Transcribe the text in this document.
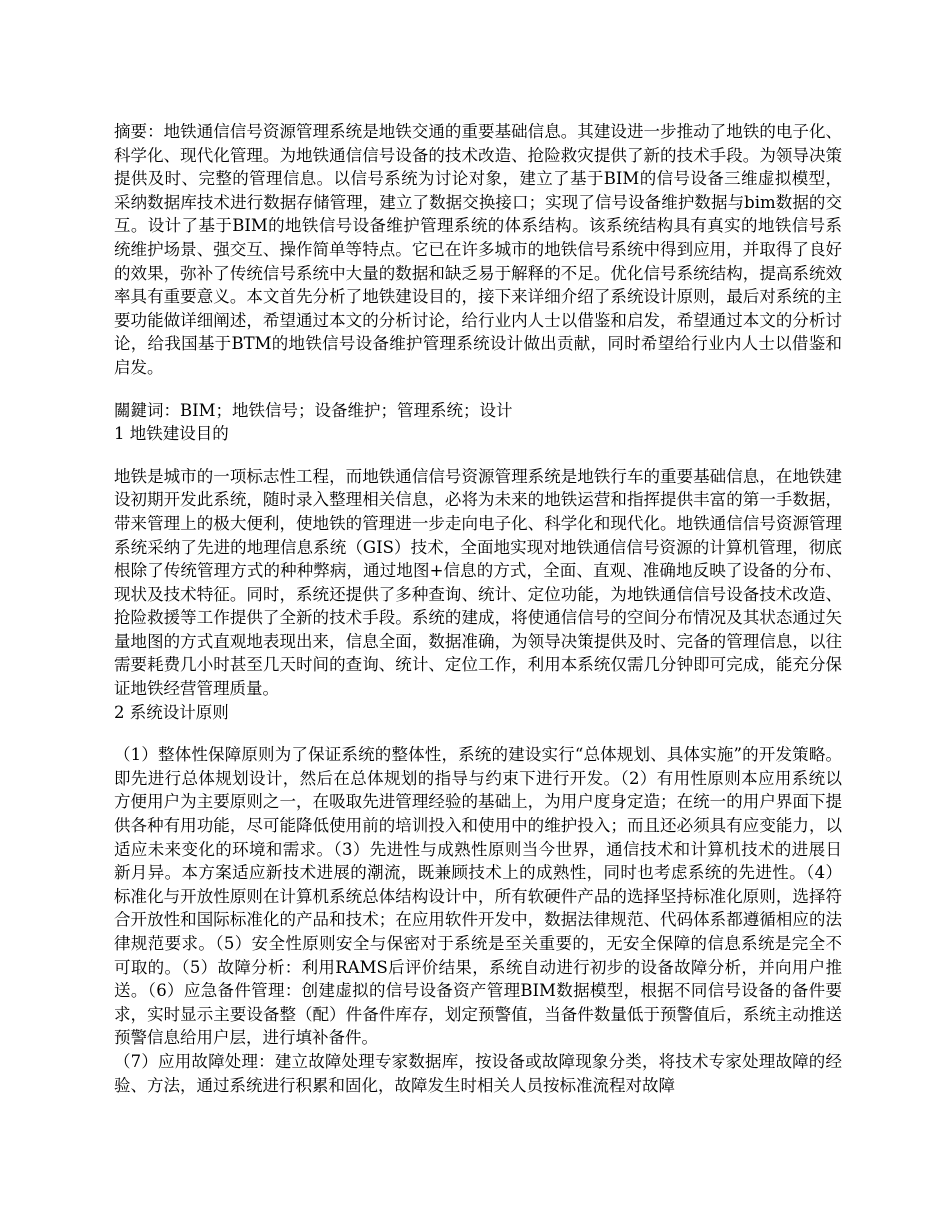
摘要：地铁通信信号资源管理系统是地铁交通的重要基础信息。其建设进一步推动了地铁的电子化、科学化、现代化管理。为地铁通信信号设备的技术改造、抢险救灾提供了新的技术手段。为领导决策提供及时、完整的管理信息。以信号系统为讨论对象，建立了基于BIM的信号设备三维虚拟模型，采纳数据库技术进行数据存储管理，建立了数据交换接口；实现了信号设备维护数据与bim数据的交互。设计了基于BIM的地铁信号设备维护管理系统的体系结构。该系统结构具有真实的地铁信号系统维护场景、强交互、操作简单等特点。它已在许多城市的地铁信号系统中得到应用，并取得了良好的效果，弥补了传统信号系统中大量的数据和缺乏易于解释的不足。优化信号系统结构，提高系统效率具有重要意义。本文首先分析了地铁建设目的，接下来详细介绍了系统设计原则，最后对系统的主要功能做详细阐述，希望通过本文的分析讨论，给行业内人士以借鉴和启发，希望通过本文的分析讨论，给我国基于BTM的地铁信号设备维护管理系统设计做出贡献，同时希望给行业内人士以借鉴和启发。

關鍵词：BIM；地铁信号；设备维护；管理系统；设计

1 地铁建设目的

地铁是城市的一项标志性工程，而地铁通信信号资源管理系统是地铁行车的重要基础信息，在地铁建设初期开发此系统，随时录入整理相关信息，必将为未来的地铁运营和指挥提供丰富的第一手数据，带来管理上的极大便利，使地铁的管理进一步走向电子化、科学化和现代化。地铁通信信号资源管理系统采纳了先进的地理信息系统（GIS）技术，全面地实现对地铁通信信号资源的计算机管理，彻底根除了传统管理方式的种种弊病，通过地图+信息的方式，全面、直观、准确地反映了设备的分布、现状及技术特征。同时，系统还提供了多种查询、统计、定位功能，为地铁通信信号设备技术改造、抢险救援等工作提供了全新的技术手段。系统的建成，将使通信信号的空间分布情况及其状态通过矢量地图的方式直观地表现出来，信息全面，数据准确，为领导决策提供及时、完备的管理信息，以往需要耗费几小时甚至几天时间的查询、统计、定位工作，利用本系统仅需几分钟即可完成，能充分保证地铁经营管理质量。

2 系统设计原则

（1）整体性保障原则为了保证系统的整体性，系统的建设实行“总体规划、具体实施”的开发策略。即先进行总体规划设计，然后在总体规划的指导与约束下进行开发。（2）有用性原则本应用系统以方便用户为主要原则之一，在吸取先进管理经验的基础上，为用户度身定造；在统一的用户界面下提供各种有用功能，尽可能降低使用前的培训投入和使用中的维护投入；而且还必须具有应变能力，以适应未来变化的环境和需求。（3）先进性与成熟性原则当今世界，通信技术和计算机技术的进展日新月异。本方案适应新技术进展的潮流，既兼顾技术上的成熟性，同时也考虑系统的先进性。（4）标准化与开放性原则在计算机系统总体结构设计中，所有软硬件产品的选择坚持标准化原则，选择符合开放性和国际标准化的产品和技术；在应用软件开发中，数据法律规范、代码体系都遵循相应的法律规范要求。（5）安全性原则安全与保密对于系统是至关重要的，无安全保障的信息系统是完全不可取的。（5）故障分析：利用RAMS后评价结果，系统自动进行初步的设备故障分析，并向用户推送。（6）应急备件管理：创建虚拟的信号设备资产管理BIM数据模型，根据不同信号设备的备件要求，实时显示主要设备整（配）件备件库存，划定预警值，当备件数量低于预警值后，系统主动推送预警信息给用户层，进行填补备件。

（7）应用故障处理：建立故障处理专家数据库，按设备或故障现象分类，将技术专家处理故障的经验、方法，通过系统进行积累和固化，故障发生时相关人员按标准流程对故障
